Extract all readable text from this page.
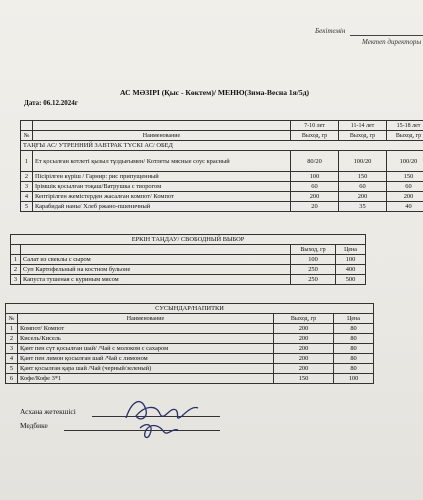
Бекітемін
Мектеп директоры
АС МӘЗІРІ (Қыс - Көктем)/ МЕНЮ(Зима-Весна 1я/5д)
Дата: 06.12.2024г
		7-10 лет	11-14 лет	15-18 лет
№	Наименование	Выход, гр	Выход, гр	Выход, гр
ТАҢҒЫ АС/ УТРЕННИЙ ЗАВТРАК ТҮСКІ АС/ ОБЕД				
1	Ет қосылған котлеті қызыл тұздығымен/ Котлеты мясные соус красный	80/20	100/20	100/20
2	Пісірілген күріш / Гарнир: рис припущенный	100	150	150
3	Ірімшік қосылған тоқаш/Ватрушка с творогом	60	60	60
4	Кептірілген жемістерден жасалған компот/ Компот	200	200	200
5	Карабидай наны/ Хлеб ржано-пшеничный	20	35	40
ЕРКІН ТАҢДАУ/ СВОБОДНЫЙ ВЫБОР			
		Выход, гр	Цена
1	Салат из свеклы с сыром	100	100
2	Суп Картофельный на костном бульоне	250	400
3	Капуста тушеная с куриным мясом	250	500
СУСЫНДАР/НАПИТКИ			
№	Наименование	Выход, гр	Цена
1	Компот/ Компот	200	80
2	Кисель/Кисель	200	80
3	Қант пен сүт қосылған шай/ /Чай с молоком с сахаром	200	80
4	Қант пен лимон қосылған шай /Чай с лимоном	200	80
5	Қант қосылған қара шай /Чай (черный/зеленый)	200	80
6	Кофе/Кофе 3*1	150	100
Асхана жетекшісі
Медбике
